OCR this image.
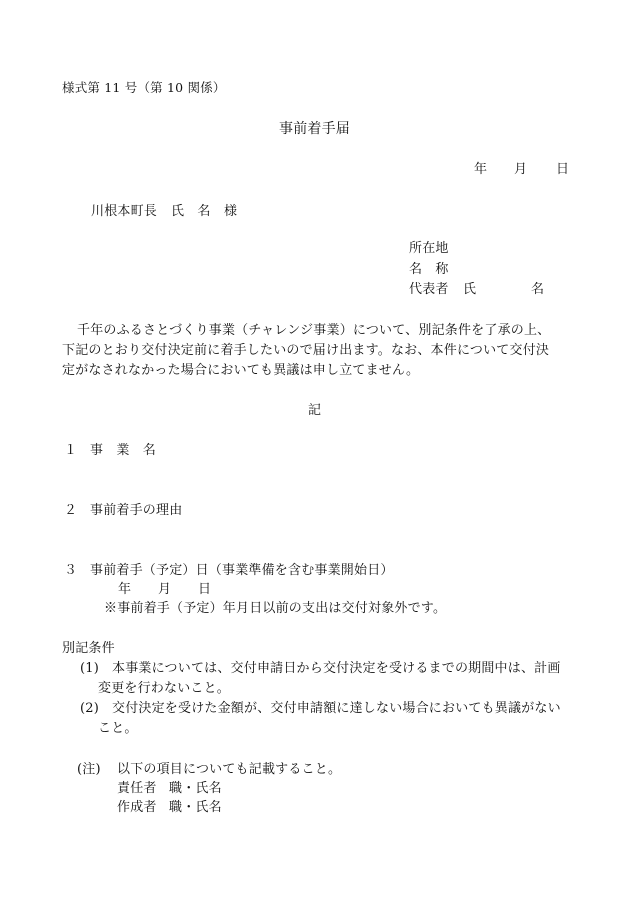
様式第 11 号（第 10 関係）
事前着手届
年 月 日
川根本町長 氏　名 様
所在地
名　称
代表者 氏	名
千年のふるさとづくり事業（チャレンジ事業）について、別記条件を了承の上、
下記のとおり交付決定前に着手したいので届け出ます。なお、本件について交付決
定がなされなかった場合においても異議は申し立てません。
記
１ 事　業　名
２ 事前着手の理由
３ 事前着手（予定）日（事業準備を含む事業開始日）
年 月 日
※事前着手（予定）年月日以前の支出は交付対象外です。
別記条件
(1) 本事業については、交付申請日から交付決定を受けるまでの期間中は、計画
変更を行わないこと。
(2) 交付決定を受けた金額が、交付申請額に達しない場合においても異議がない
こと。
(注) 以下の項目についても記載すること。
責任者 職・氏名
作成者 職・氏名
